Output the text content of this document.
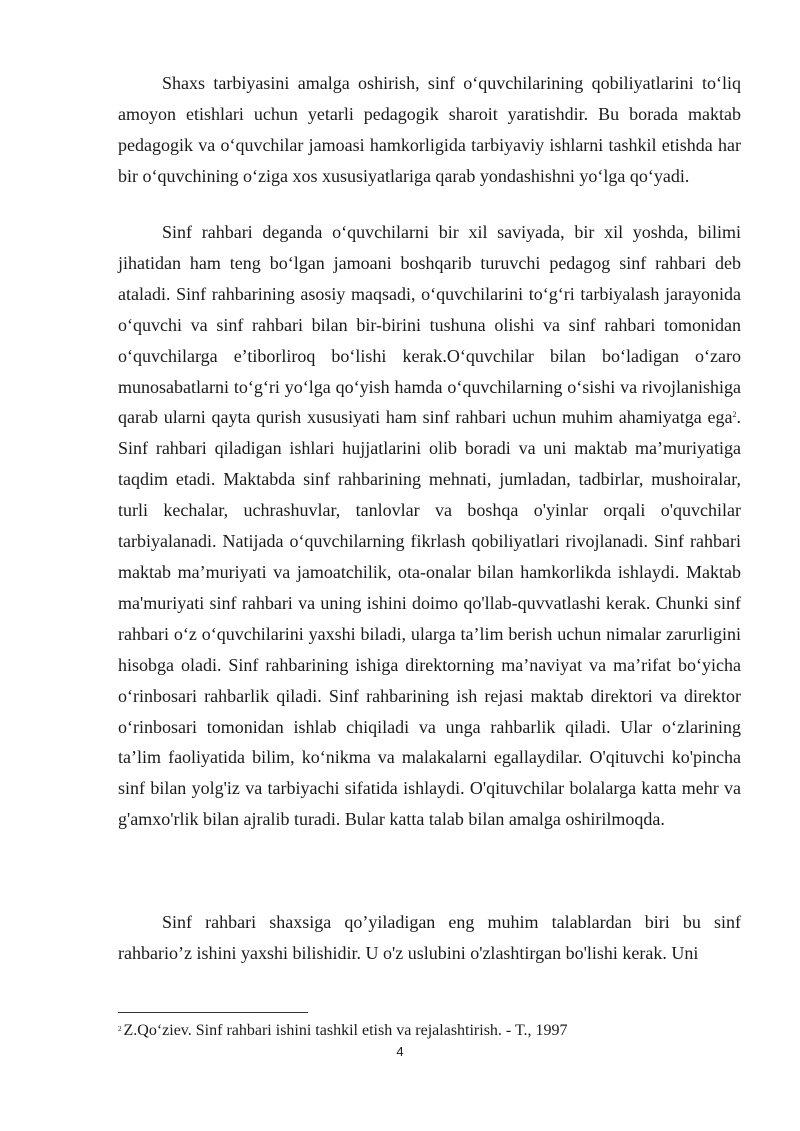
Shaxs tarbiyasini amalga oshirish, sinf o‘quvchilarining qobiliyatlarini to‘liq amoyon etishlari uchun yetarli pedagogik sharoit yaratishdir. Bu borada maktab pedagogik va o‘quvchilar jamoasi hamkorligida tarbiyaviy ishlarni tashkil etishda har bir o‘quvchining o‘ziga xos xususiyatlariga qarab yondashishni yo‘lga qo‘yadi.

Sinf rahbari deganda o‘quvchilarni bir xil saviyada, bir xil yoshda, bilimi jihatidan ham teng bo‘lgan jamoani boshqarib turuvchi pedagog sinf rahbari deb ataladi. Sinf rahbarining asosiy maqsadi, o‘quvchilarini to‘g‘ri tarbiyalash jarayonida o‘quvchi va sinf rahbari bilan bir-birini tushuna olishi va sinf rahbari tomonidan o‘quvchilarga e’tiborliroq bo‘lishi kerak.O‘quvchilar bilan bo‘ladigan o‘zaro munosabatlarni to‘g‘ri yo‘lga qo‘yish hamda o‘quvchilarning o‘sishi va rivojlanishiga qarab ularni qayta qurish xususiyati ham sinf rahbari uchun muhim ahamiyatga ega$^2$. Sinf rahbari qiladigan ishlari hujjatlarini olib boradi va uni maktab ma’muriyatiga taqdim etadi. Maktabda sinf rahbarining mehnati, jumladan, tadbirlar, mushoiralar, turli kechalar, uchrashuvlar, tanlovlar va boshqa o'yinlar orqali o'quvchilar tarbiyalanadi. Natijada o‘quvchilarning fikrlash qobiliyatlari rivojlanadi. Sinf rahbari maktab ma’muriyati va jamoatchilik, ota-onalar bilan hamkorlikda ishlaydi. Maktab ma'muriyati sinf rahbari va uning ishini doimo qo'llab-quvvatlashi kerak. Chunki sinf rahbari o‘z o‘quvchilarini yaxshi biladi, ularga ta’lim berish uchun nimalar zarurligini hisobga oladi. Sinf rahbarining ishiga direktorning ma’naviyat va ma’rifat bo‘yicha o‘rinbosari rahbarlik qiladi. Sinf rahbarining ish rejasi maktab direktori va direktor o‘rinbosari tomonidan ishlab chiqiladi va unga rahbarlik qiladi. Ular o‘zlarining ta’lim faoliyatida bilim, ko‘nikma va malakalarni egallaydilar. O'qituvchi ko'pincha sinf bilan yolg'iz va tarbiyachi sifatida ishlaydi. O'qituvchilar bolalarga katta mehr va g'amxo'rlik bilan ajralib turadi. Bular katta talab bilan amalga oshirilmoqda.

Sinf rahbari shaxsiga qo’yiladigan eng muhim talablardan biri bu sinf rahbario’z ishini yaxshi bilishidir. U o'z uslubini o'zlashtirgan bo'lishi kerak. Uni

$^2$ Z.Qo‘ziev. Sinf rahbari ishini tashkil etish va rejalashtirish. - T., 1997

4
